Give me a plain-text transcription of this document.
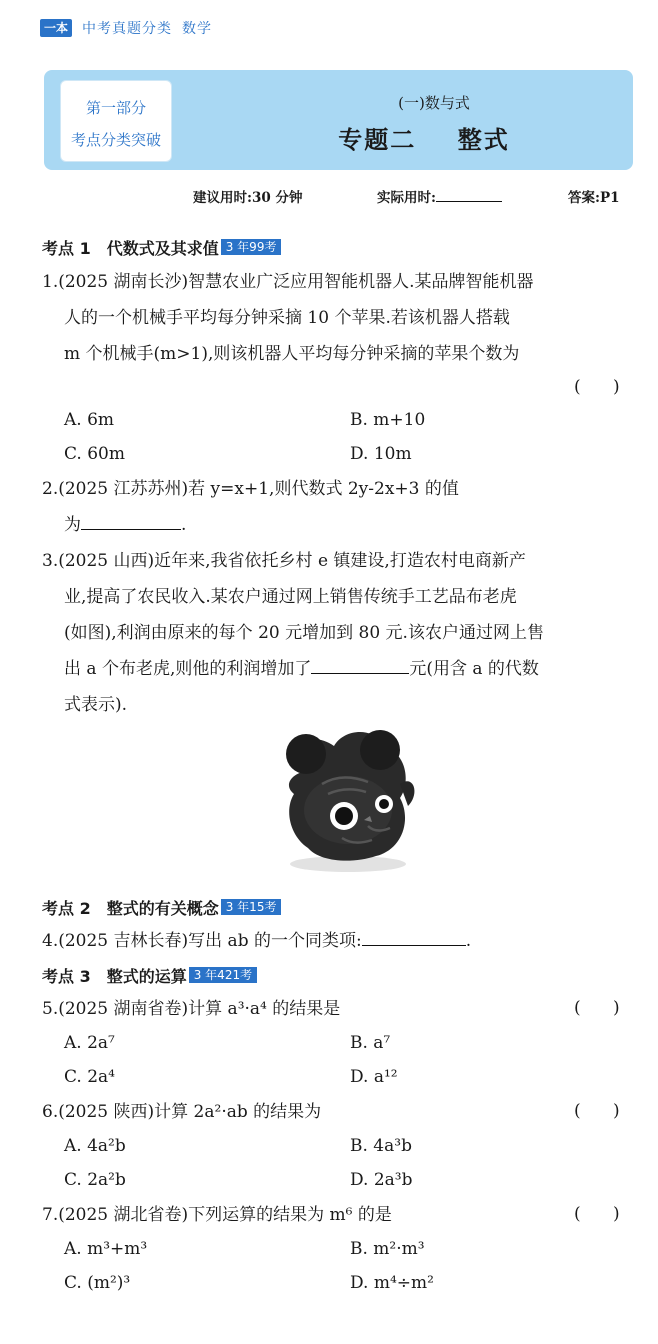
一本 中考真题分类 数学
第一部分
考点分类突破
(一)数与式
专题二    整式
建议用时:30 分钟	实际用时:	答案:P1
考点 1 代数式及其求值 3 年99考
1.(2025 湖南长沙)智慧农业广泛应用智能机器人.某品牌智能机器
人的一个机械手平均每分钟采摘 10 个苹果.若该机器人搭载
m 个机械手(m>1),则该机器人平均每分钟采摘的苹果个数为
(      )
A. 6m	B. m+10
C. 60m	D. 10m
2.(2025 江苏苏州)若 y=x+1,则代数式 2y-2x+3 的值
为	.
3.(2025 山西)近年来,我省依托乡村 e 镇建设,打造农村电商新产
业,提高了农民收入.某农户通过网上销售传统手工艺品布老虎
(如图),利润由原来的每个 20 元增加到 80 元.该农户通过网上售
出 a 个布老虎,则他的利润增加了	元(用含 a 的代数
式表示).
考点 2 整式的有关概念 3 年15考
4.(2025 吉林长春)写出 ab 的一个同类项:	.
考点 3 整式的运算 3 年421考
5.(2025 湖南省卷)计算 a³·a⁴ 的结果是	(      )
A. 2a⁷	B. a⁷
C. 2a⁴	D. a¹²
6.(2025 陕西)计算 2a²·ab 的结果为	(      )
A. 4a²b	B. 4a³b
C. 2a²b	D. 2a³b
7.(2025 湖北省卷)下列运算的结果为 m⁶ 的是	(      )
A. m³+m³	B. m²·m³
C. (m²)³	D. m⁴÷m²
